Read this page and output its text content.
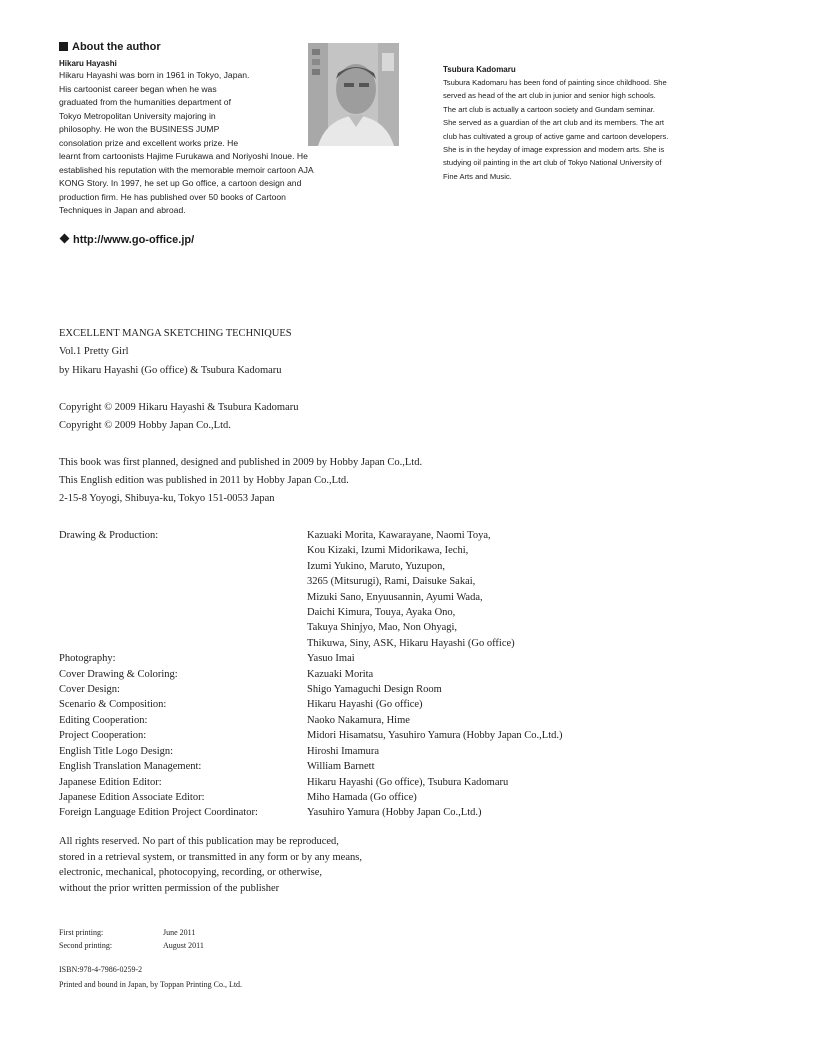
About the author
Hikaru Hayashi
Hikaru Hayashi was born in 1961 in Tokyo, Japan.
His cartoonist career began when he was
graduated from the humanities department of
Tokyo Metropolitan University majoring in
philosophy. He won the BUSINESS JUMP
consolation prize and excellent works prize. He
learnt from cartoonists Hajime Furukawa and Noriyoshi Inoue. He
established his reputation with the memorable memoir cartoon AJA
KONG Story. In 1997, he set up Go office, a cartoon design and
production firm. He has published over 50 books of Cartoon
Techniques in Japan and abroad.
http://www.go-office.jp/
Tsubura Kadomaru
Tsubura Kadomaru has been fond of painting since childhood. She
served as head of the art club in junior and senior high schools.
The art club is actually a cartoon society and Gundam seminar.
She served as a guardian of the art club and its members. The art
club has cultivated a group of active game and cartoon developers.
She is in the heyday of image expression and modern arts. She is
studying oil painting in the art club of Tokyo National University of
Fine Arts and Music.
EXCELLENT MANGA SKETCHING TECHNIQUES
Vol.1 Pretty Girl
by Hikaru Hayashi (Go office) & Tsubura Kadomaru
Copyright © 2009 Hikaru Hayashi & Tsubura Kadomaru
Copyright © 2009 Hobby Japan Co.,Ltd.
This book was first planned, designed and published in 2009 by Hobby Japan Co.,Ltd.
This English edition was published in 2011 by Hobby Japan Co.,Ltd.
2-15-8 Yoyogi, Shibuya-ku, Tokyo 151-0053 Japan
Drawing & Production:	Kazuaki Morita, Kawarayane, Naomi Toya,
Kou Kizaki, Izumi Midorikawa, Iechi,
Izumi Yukino, Maruto, Yuzupon,
3265 (Mitsurugi), Rami, Daisuke Sakai,
Mizuki Sano, Enyuusannin, Ayumi Wada,
Daichi Kimura, Touya, Ayaka Ono,
Takuya Shinjyo, Mao, Non Ohyagi,
Thikuwa, Siny, ASK, Hikaru Hayashi (Go office)
Photography:	Yasuo Imai
Cover Drawing & Coloring:	Kazuaki Morita
Cover Design:	Shigo Yamaguchi Design Room
Scenario & Composition:	Hikaru Hayashi (Go office)
Editing Cooperation:	Naoko Nakamura, Hime
Project Cooperation:	Midori Hisamatsu, Yasuhiro Yamura (Hobby Japan Co.,Ltd.)
English Title Logo Design:	Hiroshi Imamura
English Translation Management:	William Barnett
Japanese Edition Editor:	Hikaru Hayashi (Go office), Tsubura Kadomaru
Japanese Edition Associate Editor:	Miho Hamada (Go office)
Foreign Language Edition Project Coordinator:	Yasuhiro Yamura (Hobby Japan Co.,Ltd.)
All rights reserved. No part of this publication may be reproduced,
stored in a retrieval system, or transmitted in any form or by any means,
electronic, mechanical, photocopying, recording, or otherwise,
without the prior written permission of the publisher
First printing:	June 2011
Second printing:	August 2011
ISBN:978-4-7986-0259-2
Printed and bound in Japan, by Toppan Printing Co., Ltd.
